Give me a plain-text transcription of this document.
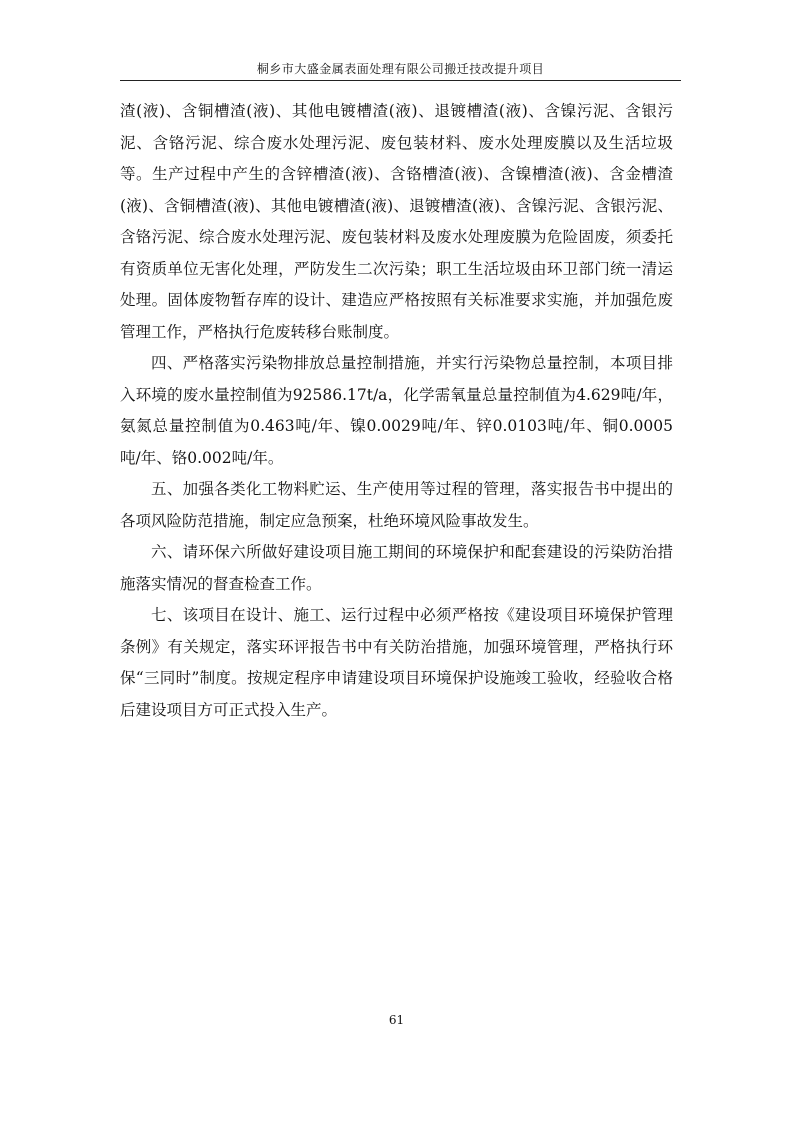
桐乡市大盛金属表面处理有限公司搬迁技改提升项目

渣(液)、含铜槽渣(液)、其他电镀槽渣(液)、退镀槽渣(液)、含镍污泥、含银污泥、含铬污泥、综合废水处理污泥、废包装材料、废水处理废膜以及生活垃圾等。生产过程中产生的含锌槽渣(液)、含铬槽渣(液)、含镍槽渣(液)、含金槽渣(液)、含铜槽渣(液)、其他电镀槽渣(液)、退镀槽渣(液)、含镍污泥、含银污泥、含铬污泥、综合废水处理污泥、废包装材料及废水处理废膜为危险固废，须委托有资质单位无害化处理，严防发生二次污染；职工生活垃圾由环卫部门统一清运处理。固体废物暂存库的设计、建造应严格按照有关标准要求实施，并加强危废管理工作，严格执行危废转移台账制度。

四、严格落实污染物排放总量控制措施，并实行污染物总量控制，本项目排入环境的废水量控制值为92586.17t/a，化学需氧量总量控制值为4.629吨/年，氨氮总量控制值为0.463吨/年、镍0.0029吨/年、锌0.0103吨/年、铜0.0005吨/年、铬0.002吨/年。

五、加强各类化工物料贮运、生产使用等过程的管理，落实报告书中提出的各项风险防范措施，制定应急预案，杜绝环境风险事故发生。

六、请环保六所做好建设项目施工期间的环境保护和配套建设的污染防治措施落实情况的督查检查工作。

七、该项目在设计、施工、运行过程中必须严格按《建设项目环境保护管理条例》有关规定，落实环评报告书中有关防治措施，加强环境管理，严格执行环保“三同时”制度。按规定程序申请建设项目环境保护设施竣工验收，经验收合格后建设项目方可正式投入生产。

61
